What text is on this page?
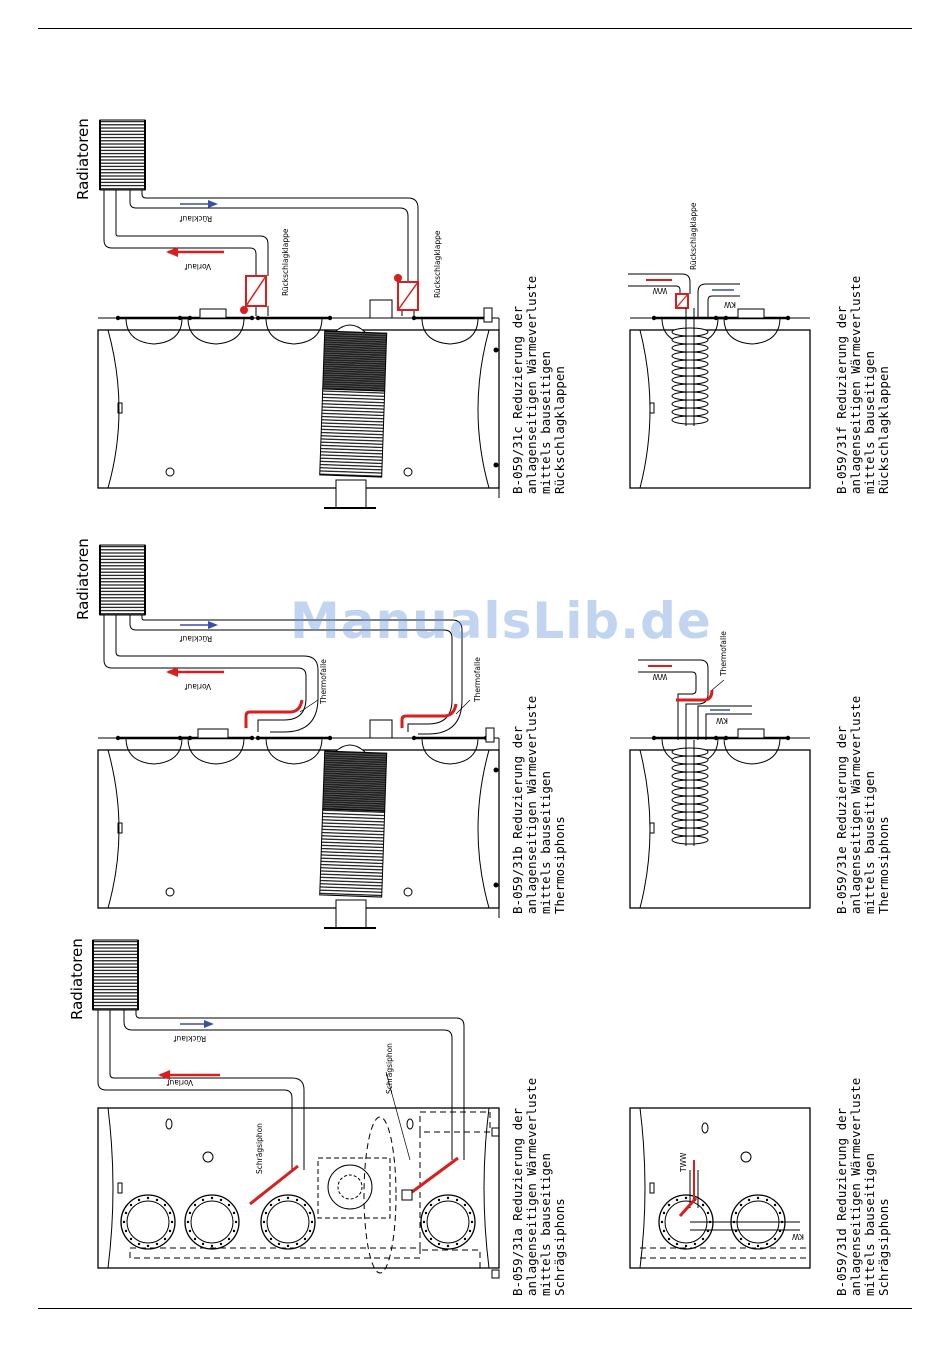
Radiatoren
Vorlauf
Rücklauf
Schrägsiphon
Schrägsiphon
Radiatoren
Vorlauf
Rücklauf
Thermofalle	Thermofalle
Radiatoren
Vorlauf
Rücklauf
Rückschlagklappe	Rückschlagklappe
TWW
KW
WW
KW
Thermofalle
WW
KW
Rückschlagklappe
B-059/31a Reduzierung der anlagenseitigen Wärmeverluste mittels bauseitigen Schrägsiphons
B-059/31b Reduzierung der anlagenseitigen Wärmeverluste mittels bauseitigen Thermosiphons
B-059/31c Reduzierung der anlagenseitigen Wärmeverluste mittels bauseitigen Rückschlagklappen
B-059/31d Reduzierung der anlagenseitigen Wärmeverluste mittels bauseitigen Schrägsiphons
B-059/31e Reduzierung der anlagenseitigen Wärmeverluste mittels bauseitigen Thermosiphons
B-059/31f Reduzierung der anlagenseitigen Wärmeverluste mittels bauseitigen Rückschlagklappen
ManualsLib.de
